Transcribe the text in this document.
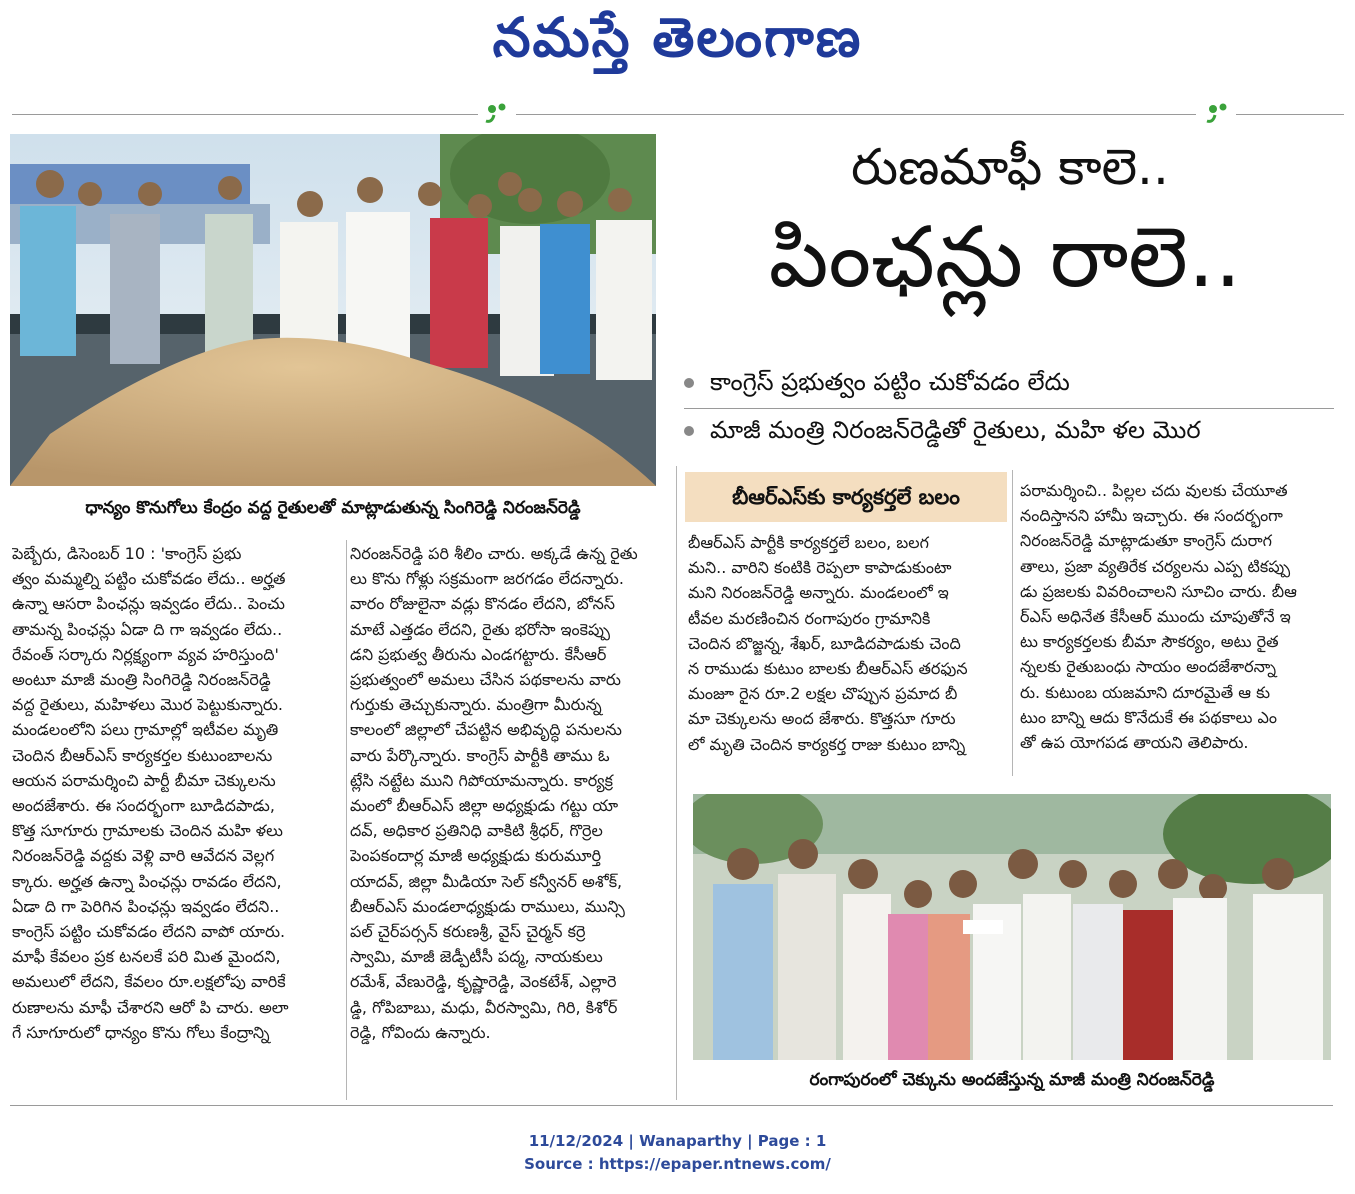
నమస్తే తెలంగాణ
ధాన్యం కొనుగోలు కేంద్రం వద్ద రైతులతో మాట్లాడుతున్న సింగిరెడ్డి నిరంజన్‌రెడ్డి
రుణమాఫీ కాలె..
పింఛన్లు రాలె..
కాంగ్రెస్ ప్రభుత్వం పట్టిం చుకోవడం లేదు
మాజీ మంత్రి నిరంజన్‌రెడ్డితో రైతులు, మహి ళల మొర
బీఆర్‌ఎస్‌కు కార్యకర్తలే బలం

పెబ్బేరు, డిసెంబర్ 10 : 'కాంగ్రెస్ ప్రభు

త్వం మమ్మల్ని పట్టిం చుకోవడం లేదు.. అర్హత

ఉన్నా ఆసరా పింఛన్లు ఇవ్వడం లేదు.. పెంచు

తామన్న పింఛన్లు ఏడా ది గా ఇవ్వడం లేదు..

రేవంత్ సర్కారు నిర్లక్ష్యంగా వ్యవ హరిస్తుంది'

అంటూ మాజీ మంత్రి సింగిరెడ్డి నిరంజన్‌రెడ్డి

వద్ద రైతులు, మహిళలు మొర పెట్టుకున్నారు.

మండలంలోని పలు గ్రామాల్లో ఇటీవల మృతి

చెందిన బీఆర్‌ఎస్ కార్యకర్తల కుటుంబాలను

ఆయన పరామర్శించి పార్టీ బీమా చెక్కులను

అందజేశారు. ఈ సందర్భంగా బూడిదపాడు,

కొత్త సూగూరు గ్రామాలకు చెందిన మహి ళలు

నిరంజన్‌రెడ్డి వద్దకు వెళ్లి వారి ఆవేదన వెల్లగ

క్కారు. అర్హత ఉన్నా పింఛన్లు రావడం లేదని,

ఏడా ది గా పెరిగిన పింఛన్లు ఇవ్వడం లేదని..

కాంగ్రెస్ పట్టిం చుకోవడం లేదని వాపో యారు.

మాఫీ కేవలం ప్రక టనలకే పరి మిత మైందని,

అమలులో లేదని, కేవలం రూ.లక్షలోపు వారికే

రుణాలను మాఫీ చేశారని ఆరో పి చారు. అలా

గే సూగూరులో ధాన్యం కొను గోలు కేంద్రాన్ని

నిరంజన్‌రెడ్డి పరి శీలిం చారు. అక్కడే ఉన్న రైతు

లు కొను గోళ్లు సక్రమంగా జరగడం లేదన్నారు.

వారం రోజులైనా వడ్లు కొనడం లేదని, బోనస్

మాటే ఎత్తడం లేదని, రైతు భరోసా ఇంకెప్పు

డని ప్రభుత్వ తీరును ఎండగట్టారు. కేసీఆర్

ప్రభుత్వంలో అమలు చేసిన పథకాలను వారు

గుర్తుకు తెచ్చుకున్నారు. మంత్రిగా మీరున్న

కాలంలో జిల్లాలో చేపట్టిన అభివృద్ధి పనులను

వారు పేర్కొన్నారు. కాంగ్రెస్ పార్టీకి తాము ఓ

ట్లేసి నట్టేట ముని గిపోయామన్నారు. కార్యక్ర

మంలో బీఆర్‌ఎస్ జిల్లా అధ్యక్షుడు గట్టు యా

దవ్, అధికార ప్రతినిధి వాకిటి శ్రీధర్, గొర్రెల

పెంపకందార్ల మాజీ అధ్యక్షుడు కురుమూర్తి

యాదవ్, జిల్లా మీడియా సెల్ కన్వీనర్ అశోక్,

బీఆర్‌ఎస్ మండలాధ్యక్షుడు రాములు, మున్సి

పల్ చైర్‌పర్సన్ కరుణశ్రీ, వైస్ చైర్మన్ కర్రె

స్వామి, మాజీ జెడ్పీటీసీ పద్మ, నాయకులు

రమేశ్, వేణురెడ్డి, కృష్ణారెడ్డి, వెంకటేశ్, ఎల్లారె

డ్డి, గోపిబాబు, మధు, వీరస్వామి, గిరి, కిశోర్

రెడ్డి, గోవిందు ఉన్నారు.

బీఆర్‌ఎస్ పార్టీకి కార్యకర్తలే బలం, బలగ

మని.. వారిని కంటికి రెప్పలా కాపాడుకుంటా

మని నిరంజన్‌రెడ్డి అన్నారు. మండలంలో ఇ

టీవల మరణించిన రంగాపురం గ్రామానికి

చెందిన బొజ్జన్న, శేఖర్, బూడిదపాడుకు చెంది

న రాముడు కుటుం బాలకు బీఆర్‌ఎస్ తరఫున

మంజూ రైన రూ.2 లక్షల చొప్పున ప్రమాద బీ

మా చెక్కులను అంద జేశారు. కొత్తసూ గూరు

లో మృతి చెందిన కార్యకర్త రాజు కుటుం బాన్ని

పరామర్శించి.. పిల్లల చదు వులకు చేయూత

నందిస్తానని హామీ ఇచ్చారు. ఈ సందర్భంగా

నిరంజన్‌రెడ్డి మాట్లాడుతూ కాంగ్రెస్ దురాగ

తాలు, ప్రజా వ్యతిరేక చర్యలను ఎప్ప టికప్పు

డు ప్రజలకు వివరించాలని సూచిం చారు. బీఆ

ర్‌ఎస్ అధినేత కేసీఆర్ ముందు చూపుతోనే ఇ

టు కార్యకర్తలకు బీమా సౌకర్యం, అటు రైత

న్నలకు రైతుబంధు సాయం అందజేశారన్నా

రు. కుటుంబ యజమాని దూరమైతే ఆ కు

టుం బాన్ని ఆదు కొనేదుకే ఈ పథకాలు ఎం

తో ఉప యోగపడ తాయని తెలిపారు.

రంగాపురంలో చెక్కును అందజేస్తున్న మాజీ మంత్రి నిరంజన్‌రెడ్డి
11/12/2024 | Wanaparthy | Page : 1
Source : https://epaper.ntnews.com/
